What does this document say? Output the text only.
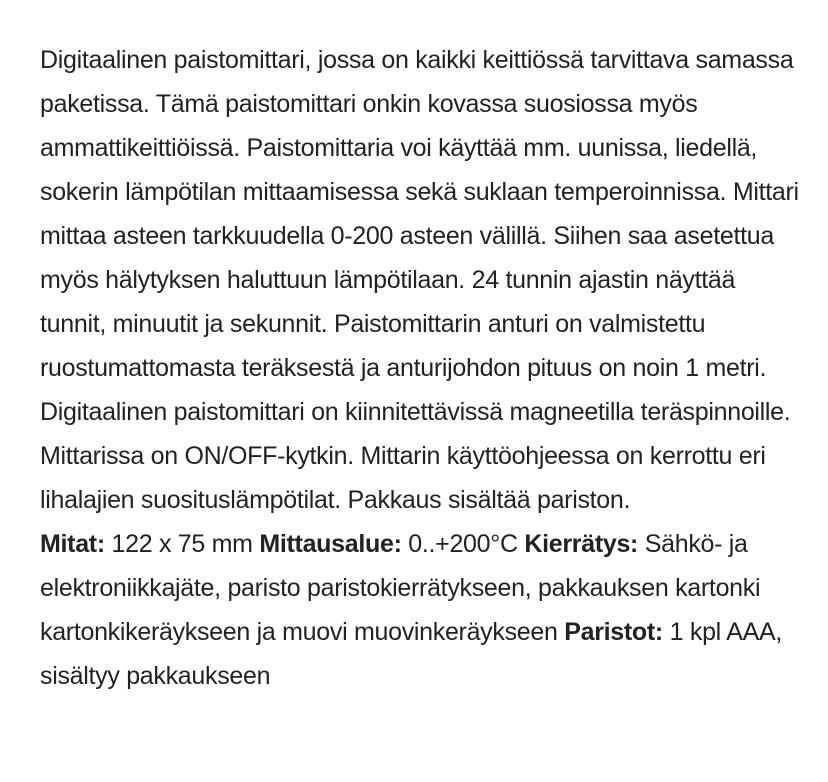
Digitaalinen paistomittari, jossa on kaikki keittiössä tarvittava samassa paketissa. Tämä paistomittari onkin kovassa suosiossa myös ammattikeittiöissä. Paistomittaria voi käyttää mm. uunissa, liedellä, sokerin lämpötilan mittaamisessa sekä suklaan temperoinnissa. Mittari mittaa asteen tarkkuudella 0-200 asteen välillä. Siihen saa asetettua myös hälytyksen haluttuun lämpötilaan. 24 tunnin ajastin näyttää tunnit, minuutit ja sekunnit. Paistomittarin anturi on valmistettu ruostumattomasta teräksestä ja anturijohdon pituus on noin 1 metri. Digitaalinen paistomittari on kiinnitettävissä magneetilla teräspinnoille. Mittarissa on ON/OFF-kytkin. Mittarin käyttöohjeessa on kerrottu eri lihalajien suosituslämpötilat. Pakkaus sisältää pariston.

Mitat: 122 x 75 mm Mittausalue: 0..+200°C Kierrätys: Sähkö- ja elektroniikkajäte, paristo paristokierrätykseen, pakkauksen kartonki kartonkikeräykseen ja muovi muovinkeräykseen Paristot: 1 kpl AAA, sisältyy pakkaukseen
